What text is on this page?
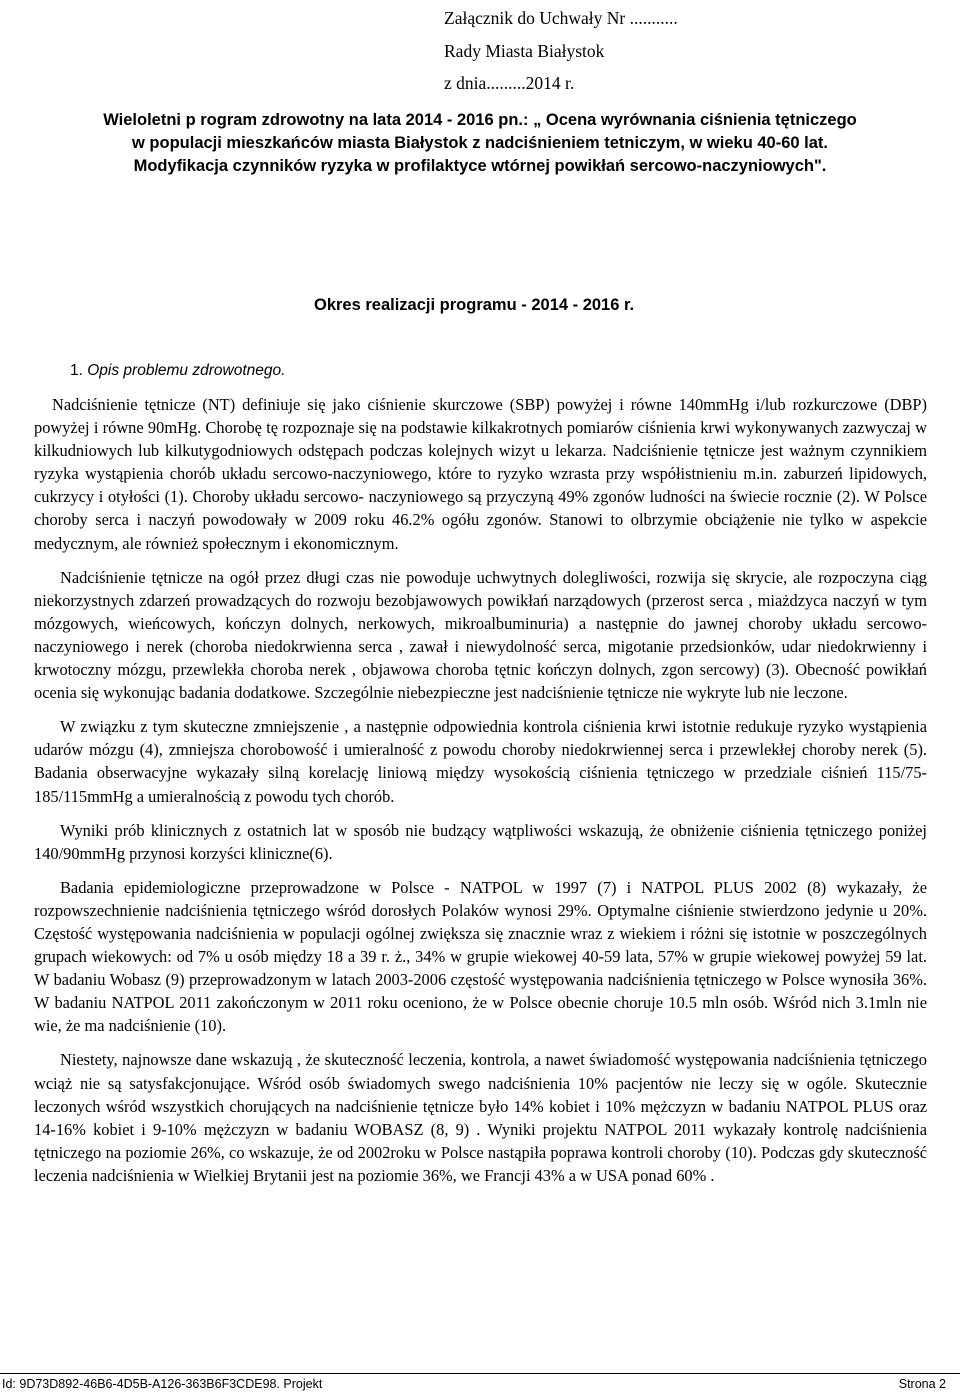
Załącznik do Uchwały Nr ...........
Rady Miasta Białystok
z dnia.........2014 r.
Wieloletni p rogram zdrowotny na lata 2014 - 2016 pn.: „ Ocena wyrównania ciśnienia tętniczego
w populacji mieszkańców miasta Białystok z nadciśnieniem tetniczym, w wieku 40-60 lat.
Modyfikacja czynników ryzyka w profilaktyce wtórnej powikłań sercowo-naczyniowych".
Okres realizacji programu - 2014 - 2016 r.
1. Opis problemu zdrowotnego.

Nadciśnienie tętnicze (NT) definiuje się jako ciśnienie skurczowe (SBP) powyżej i równe 140mmHg i/lub rozkurczowe (DBP) powyżej i równe 90mHg. Chorobę tę rozpoznaje się na podstawie kilkakrotnych pomiarów ciśnienia krwi wykonywanych zazwyczaj w kilkudniowych lub kilkutygodniowych odstępach podczas kolejnych wizyt u lekarza. Nadciśnienie tętnicze jest ważnym czynnikiem ryzyka wystąpienia chorób układu sercowo-naczyniowego, które to ryzyko wzrasta przy współistnieniu m.in. zaburzeń lipidowych, cukrzycy i otyłości (1). Choroby układu sercowo- naczyniowego są przyczyną 49% zgonów ludności na świecie rocznie (2). W Polsce choroby serca i naczyń powodowały w 2009 roku 46.2% ogółu zgonów. Stanowi to olbrzymie obciążenie nie tylko w aspekcie medycznym, ale również społecznym i ekonomicznym.

Nadciśnienie tętnicze na ogół przez długi czas nie powoduje uchwytnych dolegliwości, rozwija się skrycie, ale rozpoczyna ciąg niekorzystnych zdarzeń prowadzących do rozwoju bezobjawowych powikłań narządowych (przerost serca , miażdzyca naczyń w tym mózgowych, wieńcowych, kończyn dolnych, nerkowych, mikroalbuminuria) a następnie do jawnej choroby układu sercowo-naczyniowego i nerek (choroba niedokrwienna serca , zawał i niewydolność serca, migotanie przedsionków, udar niedokrwienny i krwotoczny mózgu, przewlekła choroba nerek , objawowa choroba tętnic kończyn dolnych, zgon sercowy) (3). Obecność powikłań ocenia się wykonując badania dodatkowe. Szczególnie niebezpieczne jest nadciśnienie tętnicze nie wykryte lub nie leczone.

W związku z tym skuteczne zmniejszenie , a następnie odpowiednia kontrola ciśnienia krwi istotnie redukuje ryzyko wystąpienia udarów mózgu (4), zmniejsza chorobowość i umieralność z powodu choroby niedokrwiennej serca i przewlekłej choroby nerek (5). Badania obserwacyjne wykazały silną korelację liniową między wysokością ciśnienia tętniczego w przedziale ciśnień 115/75-185/115mmHg a umieralnością z powodu tych chorób.

Wyniki prób klinicznych z ostatnich lat w sposób nie budzący wątpliwości wskazują, że obniżenie ciśnienia tętniczego poniżej 140/90mmHg przynosi korzyści kliniczne(6).

Badania epidemiologiczne przeprowadzone w Polsce - NATPOL w 1997 (7) i NATPOL PLUS 2002 (8) wykazały, że rozpowszechnienie nadciśnienia tętniczego wśród dorosłych Polaków wynosi 29%. Optymalne ciśnienie stwierdzono jedynie u 20%. Częstość występowania nadciśnienia w populacji ogólnej zwiększa się znacznie wraz z wiekiem i różni się istotnie w poszczególnych grupach wiekowych: od 7% u osób między 18 a 39 r. ż., 34% w grupie wiekowej 40-59 lata, 57% w grupie wiekowej powyżej 59 lat. W badaniu Wobasz (9) przeprowadzonym w latach 2003-2006 częstość występowania nadciśnienia tętniczego w Polsce wynosiła 36%. W badaniu NATPOL 2011 zakończonym w 2011 roku oceniono, że w Polsce obecnie choruje 10.5 mln osób. Wśród nich 3.1mln nie wie, że ma nadciśnienie (10).

Niestety, najnowsze dane wskazują , że skuteczność leczenia, kontrola, a nawet świadomość występowania nadciśnienia tętniczego wciąż nie są satysfakcjonujące. Wśród osób świadomych swego nadciśnienia 10% pacjentów nie leczy się w ogóle. Skutecznie leczonych wśród wszystkich chorujących na nadciśnienie tętnicze było 14% kobiet i 10% mężczyzn w badaniu NATPOL PLUS oraz 14-16% kobiet i 9-10% mężczyzn w badaniu WOBASZ (8, 9) . Wyniki projektu NATPOL 2011 wykazały kontrolę nadciśnienia tętniczego na poziomie 26%, co wskazuje, że od 2002roku w Polsce nastąpiła poprawa kontroli choroby (10). Podczas gdy skuteczność leczenia nadciśnienia w Wielkiej Brytanii jest na poziomie 36%, we Francji 43% a w USA ponad 60% .

Id: 9D73D892-46B6-4D5B-A126-363B6F3CDE98. Projekt	Strona 2
